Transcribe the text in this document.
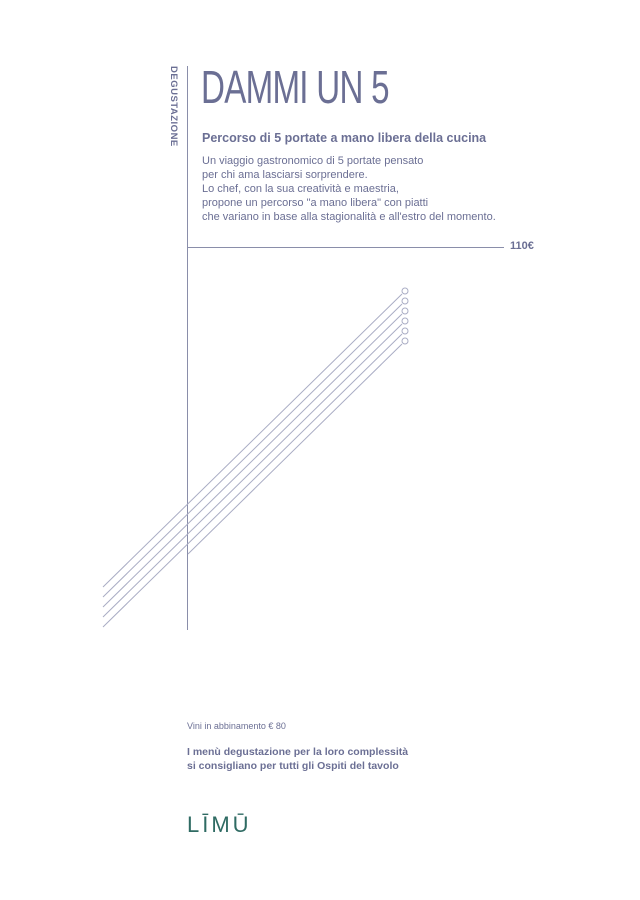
DEGUSTAZIONE DAMMI UN 5
Percorso di 5 portate a mano libera della cucina
Un viaggio gastronomico di 5 portate pensato
per chi ama lasciarsi sorprendere.
Lo chef, con la sua creatività e maestria,
propone un percorso "a mano libera" con piatti
che variano in base alla stagionalità e all'estro del momento.
110€
Vini in abbinamento € 80
I menù degustazione per la loro complessità
si consigliano per tutti gli Ospiti del tavolo
LĪMŪ
